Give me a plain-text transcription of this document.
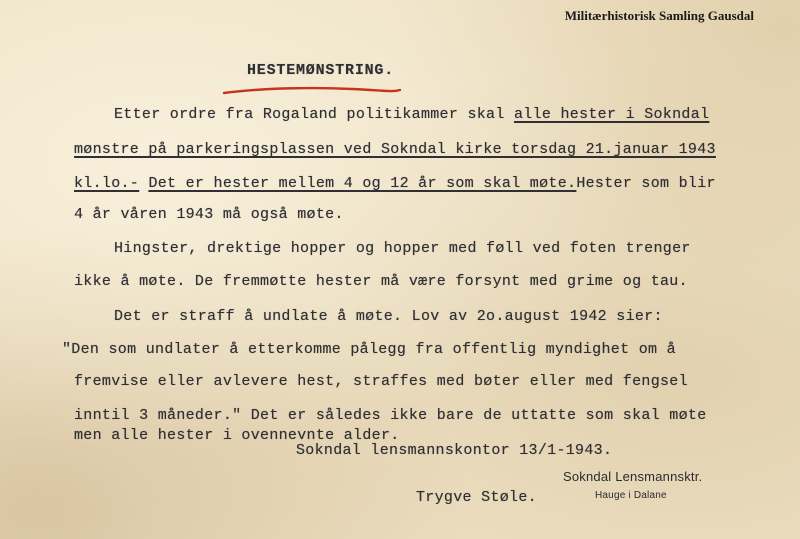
Militærhistorisk Samling Gausdal
HESTEMØNSTRING.
Etter ordre fra Rogaland politikammer skal alle hester i Sokndal
mønstre på parkeringsplassen ved Sokndal kirke torsdag 21.januar 1943
kl.lo.- Det er hester mellem 4 og 12 år som skal møte.Hester som blir
4 år våren 1943 må også møte.
Hingster, drektige hopper og hopper med føll ved foten trenger
ikke å møte. De fremmøtte hester må være forsynt med grime og tau.
Det er straff å undlate å møte. Lov av 2o.august 1942 sier:
"Den som undlater å etterkomme pålegg fra offentlig myndighet om å
fremvise eller avlevere hest, straffes med bøter eller med fengsel
inntil 3 måneder." Det er således ikke bare de uttatte som skal møte
men alle hester i ovennevnte alder.
Sokndal lensmannskontor 13/1-1943.
Trygve Støle.
Sokndal Lensmannsktr.
Hauge i Dalane
